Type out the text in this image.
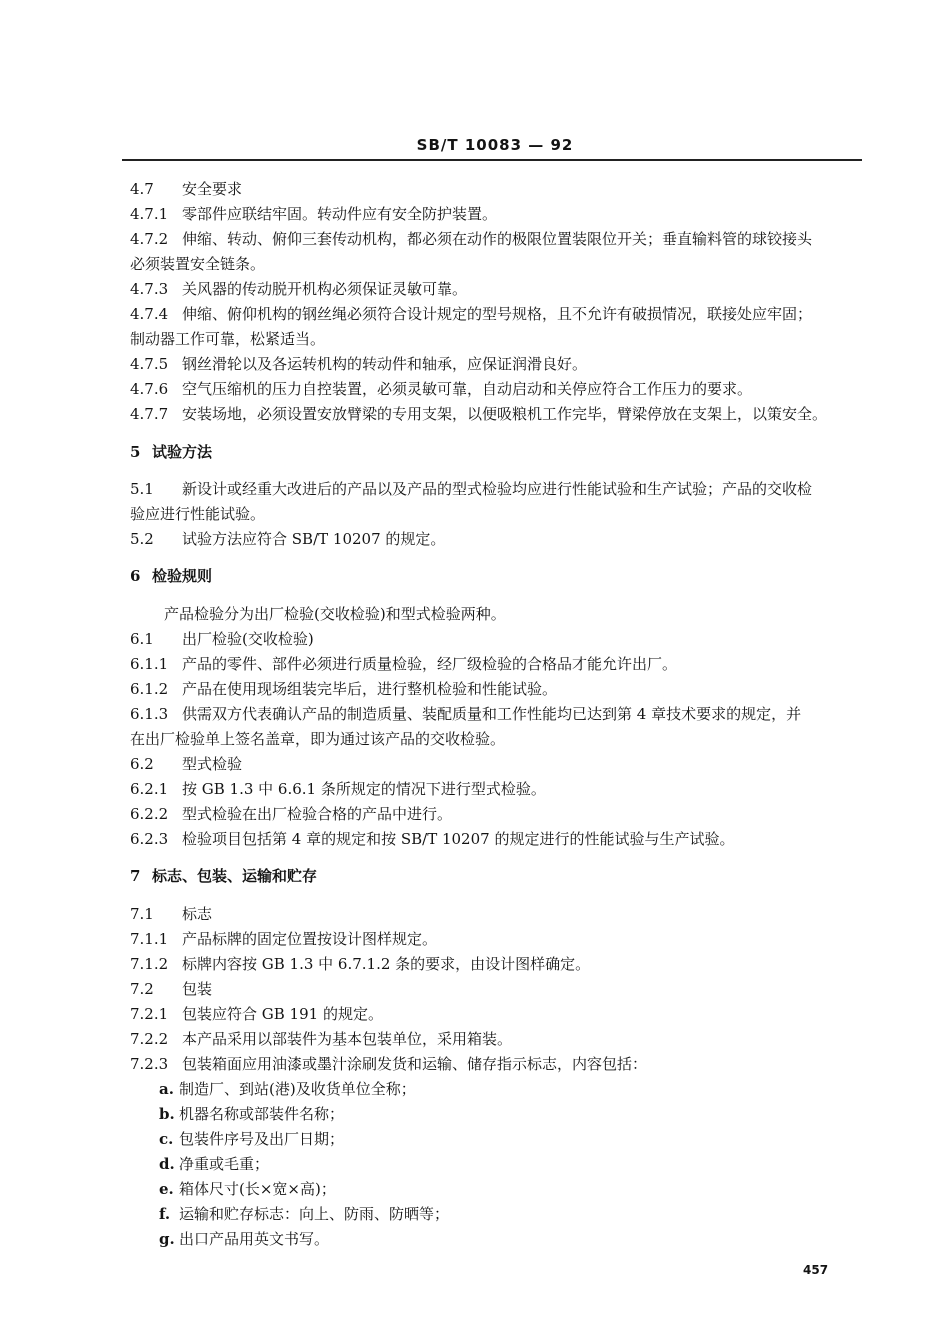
SB/T 10083 — 92
4.7 安全要求
4.7.1 零部件应联结牢固。转动件应有安全防护装置。
4.7.2 伸缩、转动、俯仰三套传动机构，都必须在动作的极限位置装限位开关；垂直输料管的球铰接头
必须装置安全链条。
4.7.3 关风器的传动脱开机构必须保证灵敏可靠。
4.7.4 伸缩、俯仰机构的钢丝绳必须符合设计规定的型号规格，且不允许有破损情况，联接处应牢固；
制动器工作可靠，松紧适当。
4.7.5 钢丝滑轮以及各运转机构的转动件和轴承，应保证润滑良好。
4.7.6 空气压缩机的压力自控装置，必须灵敏可靠，自动启动和关停应符合工作压力的要求。
4.7.7 安装场地，必须设置安放臂梁的专用支架，以便吸粮机工作完毕，臂梁停放在支架上，以策安全。
5 试验方法
5.1 新设计或经重大改进后的产品以及产品的型式检验均应进行性能试验和生产试验；产品的交收检
验应进行性能试验。
5.2 试验方法应符合 SB/T 10207 的规定。
6 检验规则
产品检验分为出厂检验(交收检验)和型式检验两种。
6.1 出厂检验(交收检验)
6.1.1 产品的零件、部件必须进行质量检验，经厂级检验的合格品才能允许出厂。
6.1.2 产品在使用现场组装完毕后，进行整机检验和性能试验。
6.1.3 供需双方代表确认产品的制造质量、装配质量和工作性能均已达到第 4 章技术要求的规定，并
在出厂检验单上签名盖章，即为通过该产品的交收检验。
6.2 型式检验
6.2.1 按 GB 1.3 中 6.6.1 条所规定的情况下进行型式检验。
6.2.2 型式检验在出厂检验合格的产品中进行。
6.2.3 检验项目包括第 4 章的规定和按 SB/T 10207 的规定进行的性能试验与生产试验。
7 标志、包装、运输和贮存
7.1 标志
7.1.1 产品标牌的固定位置按设计图样规定。
7.1.2 标牌内容按 GB 1.3 中 6.7.1.2 条的要求，由设计图样确定。
7.2 包装
7.2.1 包装应符合 GB 191 的规定。
7.2.2 本产品采用以部装件为基本包装单位，采用箱装。
7.2.3 包装箱面应用油漆或墨汁涂刷发货和运输、储存指示标志，内容包括：
a. 制造厂、到站(港)及收货单位全称；
b. 机器名称或部装件名称；
c. 包装件序号及出厂日期；
d. 净重或毛重；
e. 箱体尺寸(长×宽×高)；
f. 运输和贮存标志：向上、防雨、防晒等；
g. 出口产品用英文书写。
457
